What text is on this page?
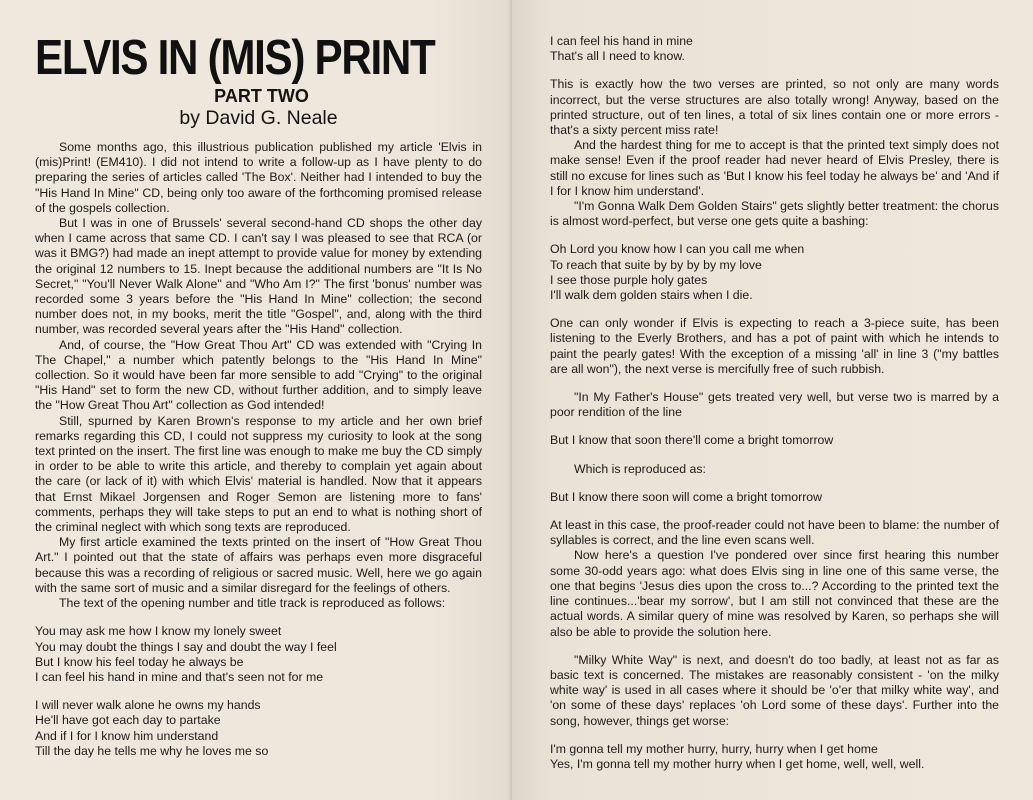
ELVIS IN (MIS) PRINT
PART TWO
by David G. Neale

Some months ago, this illustrious publication published my article 'Elvis in (mis)Print! (EM410). I did not intend to write a follow-up as I have plenty to do preparing the series of articles called 'The Box'. Neither had I intended to buy the "His Hand In Mine" CD, being only too aware of the forthcoming promised release of the gospels collection.

But I was in one of Brussels' several second-hand CD shops the other day when I came across that same CD. I can't say I was pleased to see that RCA (or was it BMG?) had made an inept attempt to provide value for money by extending the original 12 numbers to 15. Inept because the additional numbers are "It Is No Secret," "You'll Never Walk Alone" and "Who Am I?" The first 'bonus' number was recorded some 3 years before the "His Hand In Mine" collection; the second number does not, in my books, merit the title "Gospel", and, along with the third number, was recorded several years after the "His Hand" collection.

And, of course, the "How Great Thou Art" CD was extended with "Crying In The Chapel," a number which patently belongs to the "His Hand In Mine" collection. So it would have been far more sensible to add "Crying" to the original "His Hand" set to form the new CD, without further addition, and to simply leave the "How Great Thou Art" collection as God intended!

Still, spurned by Karen Brown's response to my article and her own brief remarks regarding this CD, I could not suppress my curiosity to look at the song text printed on the insert. The first line was enough to make me buy the CD simply in order to be able to write this article, and thereby to complain yet again about the care (or lack of it) with which Elvis' material is handled. Now that it appears that Ernst Mikael Jorgensen and Roger Semon are listening more to fans' comments, perhaps they will take steps to put an end to what is nothing short of the criminal neglect with which song texts are reproduced.

My first article examined the texts printed on the insert of "How Great Thou Art." I pointed out that the state of affairs was perhaps even more disgraceful because this was a recording of religious or sacred music. Well, here we go again with the same sort of music and a similar disregard for the feelings of others.

The text of the opening number and title track is reproduced as follows:

You may ask me how I know my lonely sweet
You may doubt the things I say and doubt the way I feel
But I know his feel today he always be
I can feel his hand in mine and that's seen not for me
I will never walk alone he owns my hands
He'll have got each day to partake
And if I for I know him understand
Till the day he tells me why he loves me so
I can feel his hand in mine
That's all I need to know.

This is exactly how the two verses are printed, so not only are many words incorrect, but the verse structures are also totally wrong! Anyway, based on the printed structure, out of ten lines, a total of six lines contain one or more errors - that's a sixty percent miss rate!

And the hardest thing for me to accept is that the printed text simply does not make sense! Even if the proof reader had never heard of Elvis Presley, there is still no excuse for lines such as 'But I know his feel today he always be' and 'And if I for I know him understand'.

"I'm Gonna Walk Dem Golden Stairs" gets slightly better treatment: the chorus is almost word-perfect, but verse one gets quite a bashing:

Oh Lord you know how I can you call me when
To reach that suite by by by by my love
I see those purple holy gates
I'll walk dem golden stairs when I die.

One can only wonder if Elvis is expecting to reach a 3-piece suite, has been listening to the Everly Brothers, and has a pot of paint with which he intends to paint the pearly gates! With the exception of a missing 'all' in line 3 ("my battles are all won"), the next verse is mercifully free of such rubbish.

"In My Father's House" gets treated very well, but verse two is marred by a poor rendition of the line

But I know that soon there'll come a bright tomorrow

Which is reproduced as:

But I know there soon will come a bright tomorrow

At least in this case, the proof-reader could not have been to blame: the number of syllables is correct, and the line even scans well.

Now here's a question I've pondered over since first hearing this number some 30-odd years ago: what does Elvis sing in line one of this same verse, the one that begins 'Jesus dies upon the cross to...? According to the printed text the line continues...'bear my sorrow', but I am still not convinced that these are the actual words. A similar query of mine was resolved by Karen, so perhaps she will also be able to provide the solution here.

"Milky White Way" is next, and doesn't do too badly, at least not as far as basic text is concerned. The mistakes are reasonably consistent - 'on the milky white way' is used in all cases where it should be 'o'er that milky white way', and 'on some of these days' replaces 'oh Lord some of these days'. Further into the song, however, things get worse:

I'm gonna tell my mother hurry, hurry, hurry when I get home
Yes, I'm gonna tell my mother hurry when I get home, well, well, well.
